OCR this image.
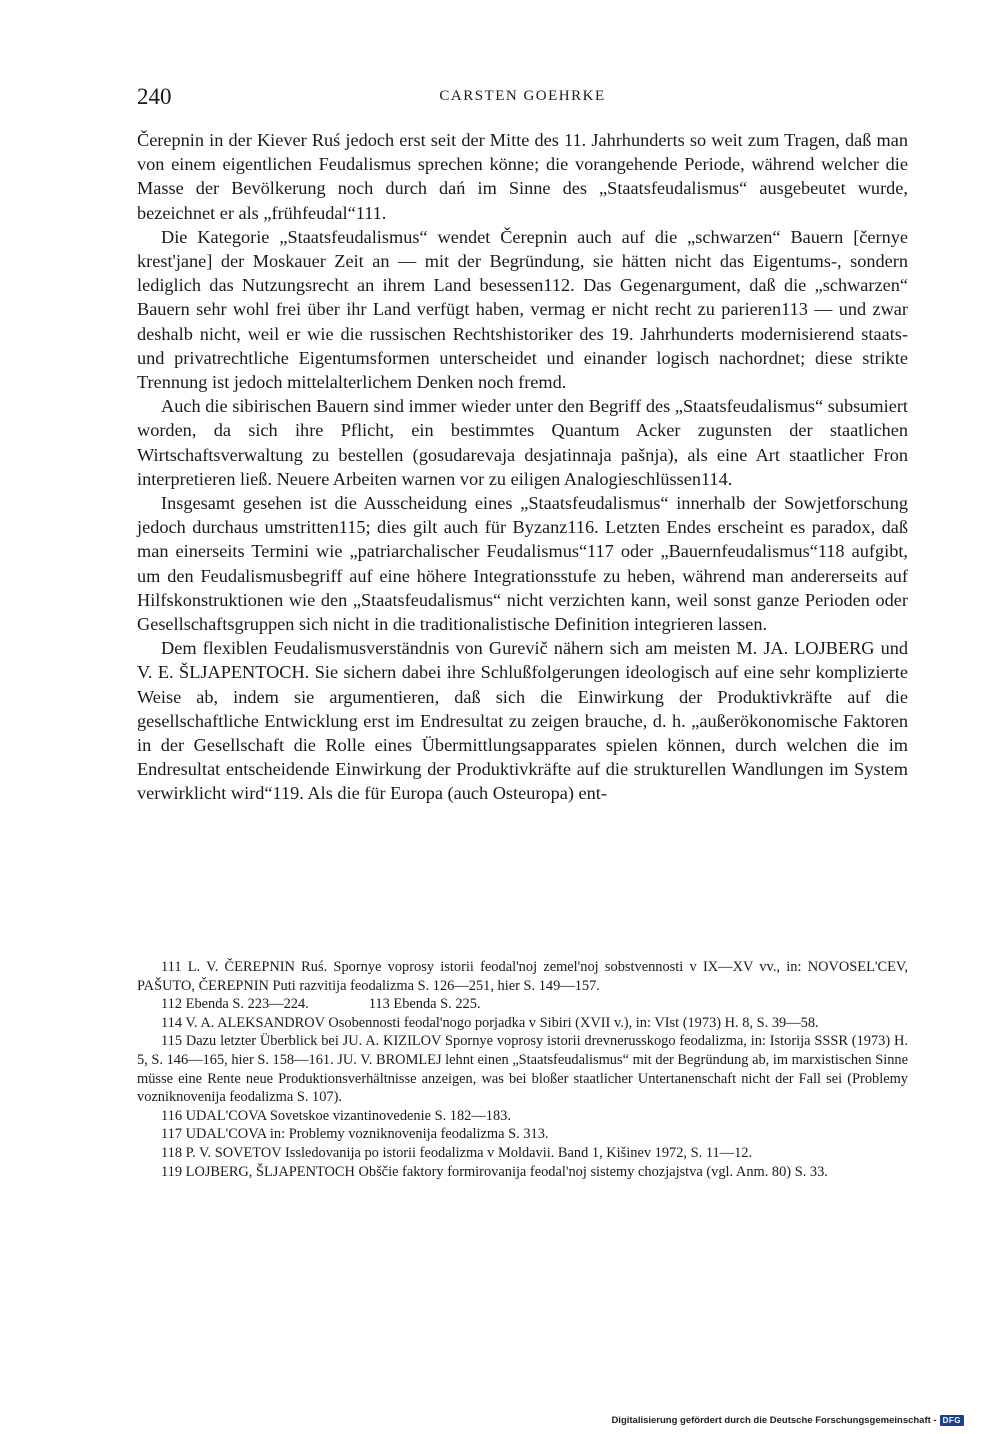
240	CARSTEN GOEHRKE

Čerepnin in der Kiever Ruś jedoch erst seit der Mitte des 11. Jahrhunderts so weit zum Tragen, daß man von einem eigentlichen Feudalismus sprechen könne; die vorangehende Periode, während welcher die Masse der Bevölkerung noch durch dań im Sinne des „Staatsfeudalismus“ ausgebeutet wurde, bezeichnet er als „frühfeudal“111.

Die Kategorie „Staatsfeudalismus“ wendet Čerepnin auch auf die „schwarzen“ Bauern [černye krest'jane] der Moskauer Zeit an — mit der Begründung, sie hätten nicht das Eigentums-, sondern lediglich das Nutzungsrecht an ihrem Land besessen112. Das Gegenargument, daß die „schwarzen“ Bauern sehr wohl frei über ihr Land verfügt haben, vermag er nicht recht zu parieren113 — und zwar deshalb nicht, weil er wie die russischen Rechtshistoriker des 19. Jahrhunderts modernisierend staats- und privatrechtliche Eigentumsformen unterscheidet und einander logisch nachordnet; diese strikte Trennung ist jedoch mittelalterlichem Denken noch fremd.

Auch die sibirischen Bauern sind immer wieder unter den Begriff des „Staatsfeudalismus“ subsumiert worden, da sich ihre Pflicht, ein bestimmtes Quantum Acker zugunsten der staatlichen Wirtschaftsverwaltung zu bestellen (gosudarevaja desjatinnaja pašnja), als eine Art staatlicher Fron interpretieren ließ. Neuere Arbeiten warnen vor zu eiligen Analogieschlüssen114.

Insgesamt gesehen ist die Ausscheidung eines „Staatsfeudalismus“ innerhalb der Sowjetforschung jedoch durchaus umstritten115; dies gilt auch für Byzanz116. Letzten Endes erscheint es paradox, daß man einerseits Termini wie „patriarchalischer Feudalismus“117 oder „Bauernfeudalismus“118 aufgibt, um den Feudalismusbegriff auf eine höhere Integrationsstufe zu heben, während man andererseits auf Hilfskonstruktionen wie den „Staatsfeudalismus“ nicht verzichten kann, weil sonst ganze Perioden oder Gesellschaftsgruppen sich nicht in die traditionalistische Definition integrieren lassen.

Dem flexiblen Feudalismusverständnis von Gurevič nähern sich am meisten M. JA. LOJBERG und V. E. ŠLJAPENTOCH. Sie sichern dabei ihre Schlußfolgerungen ideologisch auf eine sehr komplizierte Weise ab, indem sie argumentieren, daß sich die Einwirkung der Produktivkräfte auf die gesellschaftliche Entwicklung erst im Endresultat zu zeigen brauche, d. h. „außerökonomische Faktoren in der Gesellschaft die Rolle eines Übermittlungsapparates spielen können, durch welchen die im Endresultat entscheidende Einwirkung der Produktivkräfte auf die strukturellen Wandlungen im System verwirklicht wird“119. Als die für Europa (auch Osteuropa) ent-

111 L. V. ČEREPNIN Ruś. Spornye voprosy istorii feodal'noj zemel'noj sobstvennosti v IX—XV vv., in: NOVOSEL'CEV, PAŠUTO, ČEREPNIN Puti razvitija feodalizma S. 126—251, hier S. 149—157.

112 Ebenda S. 223—224.	113 Ebenda S. 225.

114 V. A. ALEKSANDROV Osobennosti feodal'nogo porjadka v Sibiri (XVII v.), in: VIst (1973) H. 8, S. 39—58.

115 Dazu letzter Überblick bei JU. A. KIZILOV Spornye voprosy istorii drevnerusskogo feodalizma, in: Istorija SSSR (1973) H. 5, S. 146—165, hier S. 158—161. JU. V. BROMLEJ lehnt einen „Staatsfeudalismus“ mit der Begründung ab, im marxistischen Sinne müsse eine Rente neue Produktionsverhältnisse anzeigen, was bei bloßer staatlicher Untertanenschaft nicht der Fall sei (Problemy vozniknovenija feodalizma S. 107).

116 UDAL'COVA Sovetskoe vizantinovedenie S. 182—183.

117 UDAL'COVA in: Problemy vozniknovenija feodalizma S. 313.

118 P. V. SOVETOV Issledovanija po istorii feodalizma v Moldavii. Band 1, Kišinev 1972, S. 11—12.

119 LOJBERG, ŠLJAPENTOCH Obščie faktory formirovanija feodal'noj sistemy chozjajstva (vgl. Anm. 80) S. 33.

Digitalisierung gefördert durch die Deutsche Forschungsgemeinschaft - DFG
